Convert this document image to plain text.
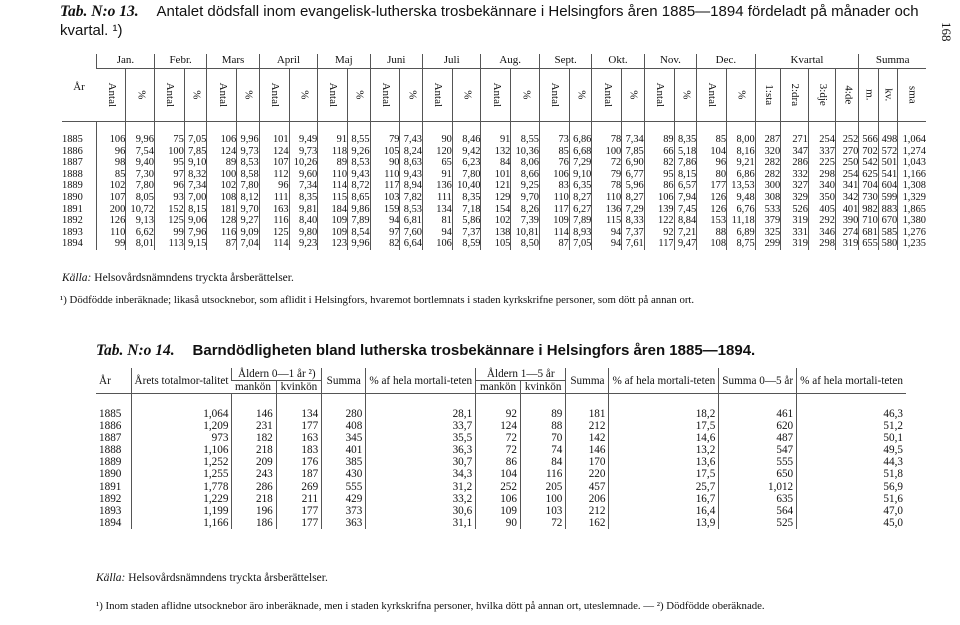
168
Tab. N:o 13. Antalet dödsfall inom evangelisk-lutherska trosbekännare i Helsingfors åren 1885—1894 fördeladt på månader och kvartal. ¹)
År	Jan.		Febr.		Mars		April		Maj		Juni		Juli		Aug.		Sept.		Okt.		Nov.		Dec.		Kvartal				Summa		
	Antal	%	Antal	%	Antal	%	Antal	%	Antal	%	Antal	%	Antal	%	Antal	%	Antal	%	Antal	%	Antal	%	Antal	%	1:sta	2:dra	3:dje	4:de	m.	kv.	sma
1885	106	9,96	75	7,05	106	9,96	101	9,49	91	8,55	79	7,43	90	8,46	91	8,55	73	6,86	78	7,34	89	8,35	85	8,00	287	271	254	252	566	498	1,064
1886	96	7,54	100	7,85	124	9,73	124	9,73	118	9,26	105	8,24	120	9,42	132	10,36	85	6,68	100	7,85	66	5,18	104	8,16	320	347	337	270	702	572	1,274
1887	98	9,40	95	9,10	89	8,53	107	10,26	89	8,53	90	8,63	65	6,23	84	8,06	76	7,29	72	6,90	82	7,86	96	9,21	282	286	225	250	542	501	1,043
1888	85	7,30	97	8,32	100	8,58	112	9,60	110	9,43	110	9,43	91	7,80	101	8,66	106	9,10	79	6,77	95	8,15	80	6,86	282	332	298	254	625	541	1,166
1889	102	7,80	96	7,34	102	7,80	96	7,34	114	8,72	117	8,94	136	10,40	121	9,25	83	6,35	78	5,96	86	6,57	177	13,53	300	327	340	341	704	604	1,308
1890	107	8,05	93	7,00	108	8,12	111	8,35	115	8,65	103	7,82	111	8,35	129	9,70	110	8,27	110	8,27	106	7,94	126	9,48	308	329	350	342	730	599	1,329
1891	200	10,72	152	8,15	181	9,70	163	9,81	184	9,86	159	8,53	134	7,18	154	8,26	117	6,27	136	7,29	139	7,45	126	6,76	533	526	405	401	982	883	1,865
1892	126	9,13	125	9,06	128	9,27	116	8,40	109	7,89	94	6,81	81	5,86	102	7,39	109	7,89	115	8,33	122	8,84	153	11,18	379	319	292	390	710	670	1,380
1893	110	6,62	99	7,96	116	9,09	125	9,80	109	8,54	97	7,60	94	7,37	138	10,81	114	8,93	94	7,37	92	7,21	88	6,89	325	331	346	274	681	585	1,276
1894	99	8,01	113	9,15	87	7,04	114	9,23	123	9,96	82	6,64	106	8,59	105	8,50	87	7,05	94	7,61	117	9,47	108	8,75	299	319	298	319	655	580	1,235
Källa: Helsovårdsnämndens tryckta årsberättelser.
¹) Dödfödde inberäknade; likaså utsocknebor, som aflidit i Helsingfors, hvaremot bortlemnats i staden kyrkskrifne personer, som dött på annan ort.
Tab. N:o 14. Barndödligheten bland lutherska trosbekännare i Helsingfors åren 1885—1894.
År	Årets totalmor-talitet	Åldern 0—1 år ²)		Summa	% af hela mortali-teten	Åldern 1—5 år		Summa	% af hela mortali-teten	Summa 0—5 år	% af hela mortali-teten
		mankön	kvinkön			mankön	kvinkön				
1885	1,064	146	134	280	28,1	92	89	181	18,2	461	46,3
1886	1,209	231	177	408	33,7	124	88	212	17,5	620	51,2
1887	973	182	163	345	35,5	72	70	142	14,6	487	50,1
1888	1,106	218	183	401	36,3	72	74	146	13,2	547	49,5
1889	1,252	209	176	385	30,7	86	84	170	13,6	555	44,3
1890	1,255	243	187	430	34,3	104	116	220	17,5	650	51,8
1891	1,778	286	269	555	31,2	252	205	457	25,7	1,012	56,9
1892	1,229	218	211	429	33,2	106	100	206	16,7	635	51,6
1893	1,199	196	177	373	30,6	109	103	212	16,4	564	47,0
1894	1,166	186	177	363	31,1	90	72	162	13,9	525	45,0
Källa: Helsovårdsnämndens tryckta årsberättelser.
¹) Inom staden aflidne utsocknebor äro inberäknade, men i staden kyrkskrifna personer, hvilka dött på annan ort, uteslemnade. — ²) Dödfödde oberäknade.
